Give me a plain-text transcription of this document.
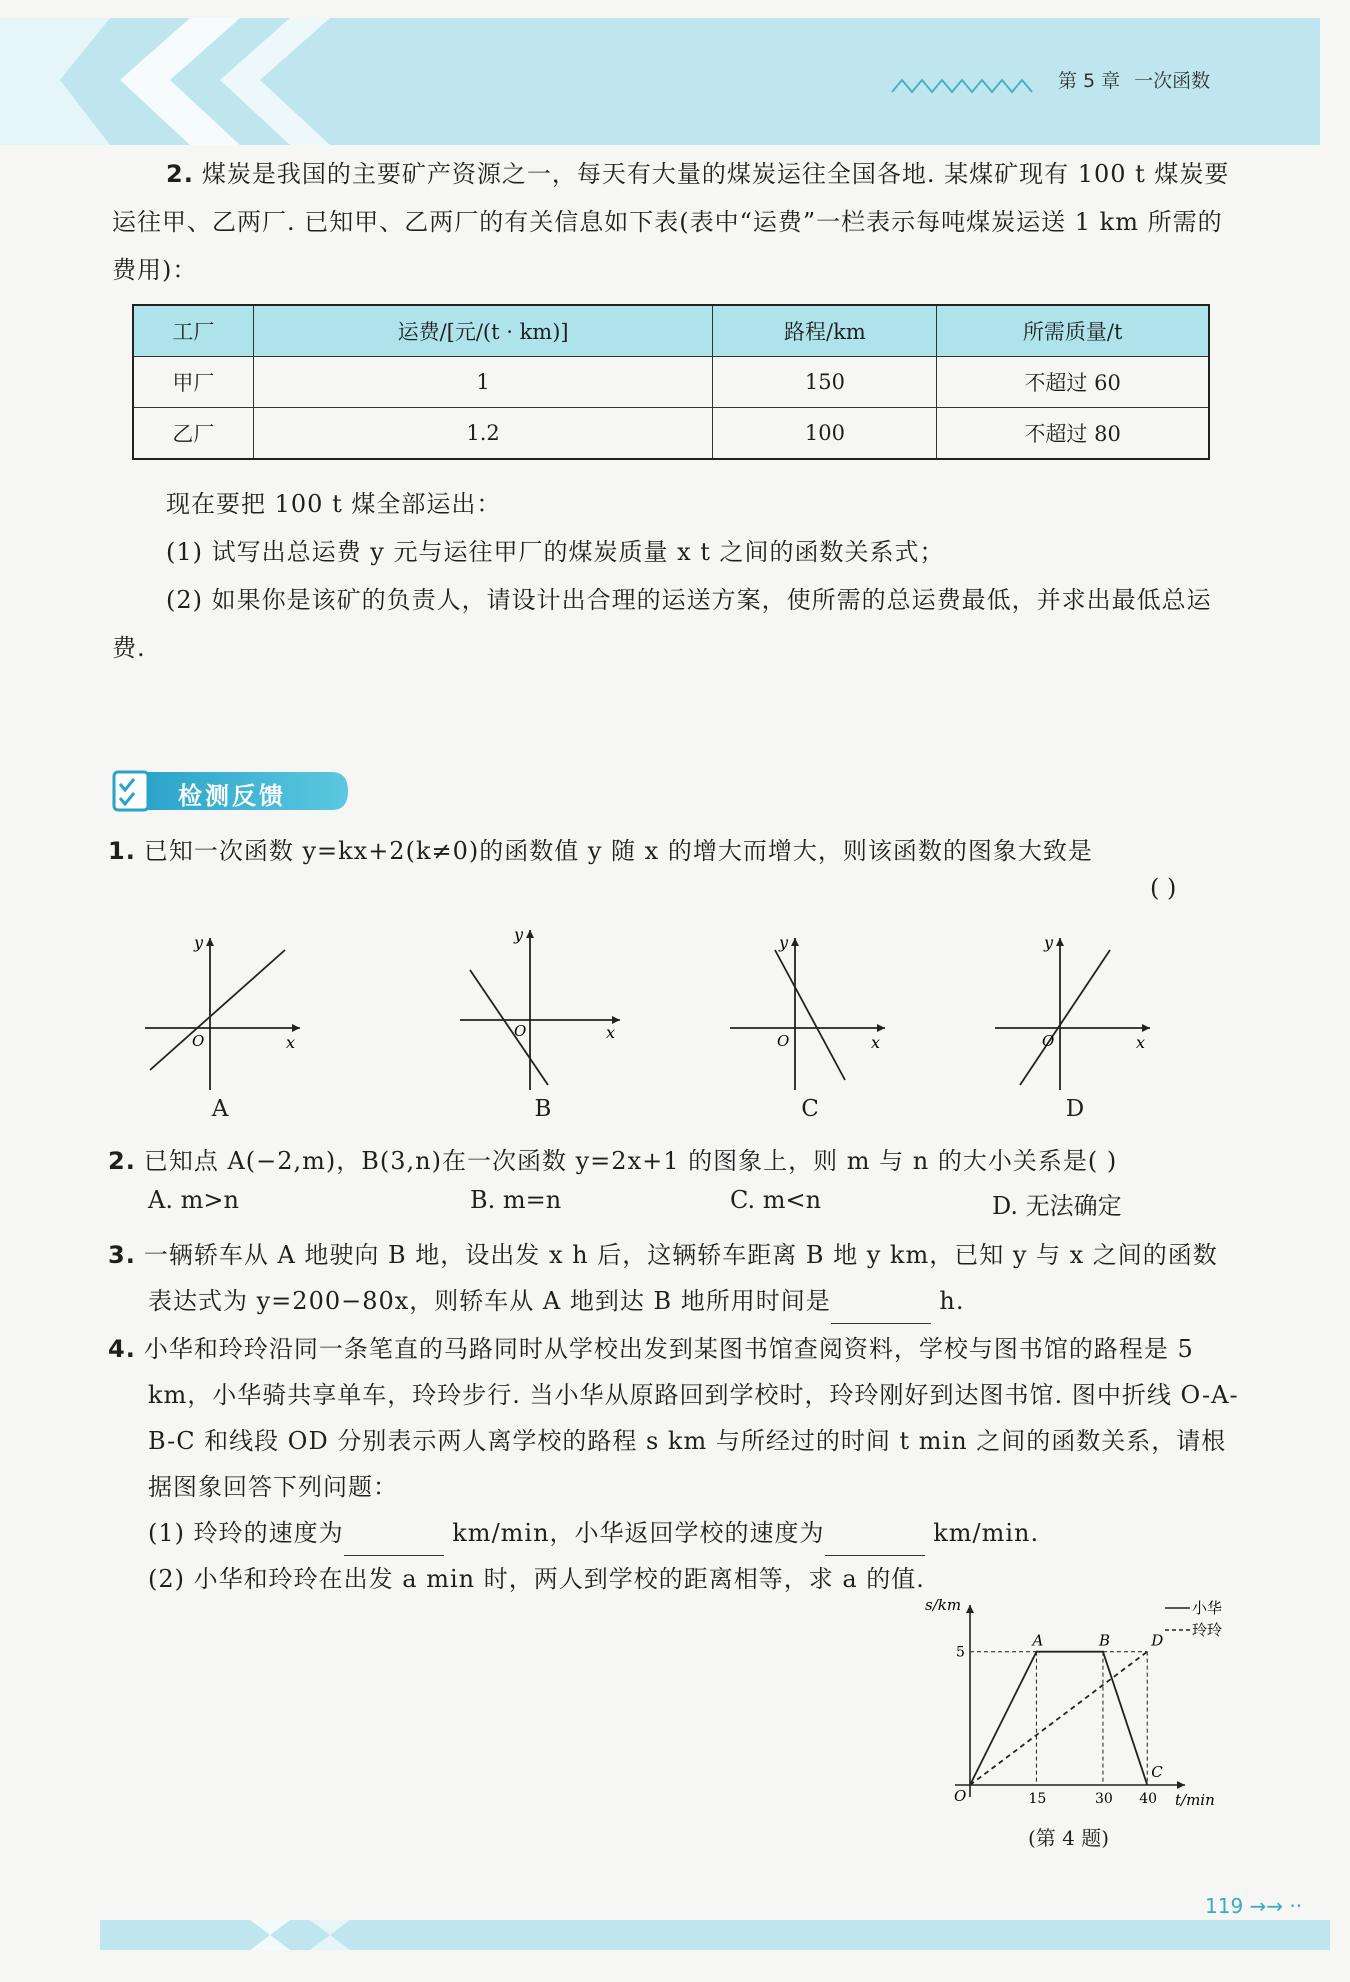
第 5 章 一次函数
2. 煤炭是我国的主要矿产资源之一，每天有大量的煤炭运往全国各地. 某煤矿现有 100 t 煤炭要运往甲、乙两厂. 已知甲、乙两厂的有关信息如下表(表中“运费”一栏表示每吨煤炭运送 1 km 所需的费用)：
工厂	运费/[元/(t · km)]	路程/km	所需质量/t
甲厂	1	150	不超过 60
乙厂	1.2	100	不超过 80
现在要把 100 t 煤全部运出：
(1) 试写出总运费 y 元与运往甲厂的煤炭质量 x t 之间的函数关系式；
(2) 如果你是该矿的负责人，请设计出合理的运送方案，使所需的总运费最低，并求出最低总运费.
检测反馈
1. 已知一次函数 y=kx+2(k≠0)的函数值 y 随 x 的增大而增大，则该函数的图象大致是
( )
y
x
O
A
y
x
O
B
y
x
O
C
y
x
O
D
2. 已知点 A(−2,m)，B(3,n)在一次函数 y=2x+1 的图象上，则 m 与 n 的大小关系是( )
A. m>n	B. m=n	C. m<n	D. 无法确定
3. 一辆轿车从 A 地驶向 B 地，设出发 x h 后，这辆轿车距离 B 地 y km，已知 y 与 x 之间的函数
表达式为 y=200−80x，则轿车从 A 地到达 B 地所用时间是	h.
4. 小华和玲玲沿同一条笔直的马路同时从学校出发到某图书馆查阅资料，学校与图书馆的路程是 5 km，小华骑共享单车，玲玲步行. 当小华从原路回到学校时，玲玲刚好到达图书馆. 图中折线 O-A-B-C 和线段 OD 分别表示两人离学校的路程 s km 与所经过的时间 t min 之间的函数关系，请根据图象回答下列问题：
(1) 玲玲的速度为	km/min，小华返回学校的速度为	km/min.
(2) 小华和玲玲在出发 a min 时，两人到学校的距离相等，求 a 的值.
s/km
t/min
O	15	30 40
5
A	B
C
D
小华
玲玲
(第 4 题)
119 →→ ··
